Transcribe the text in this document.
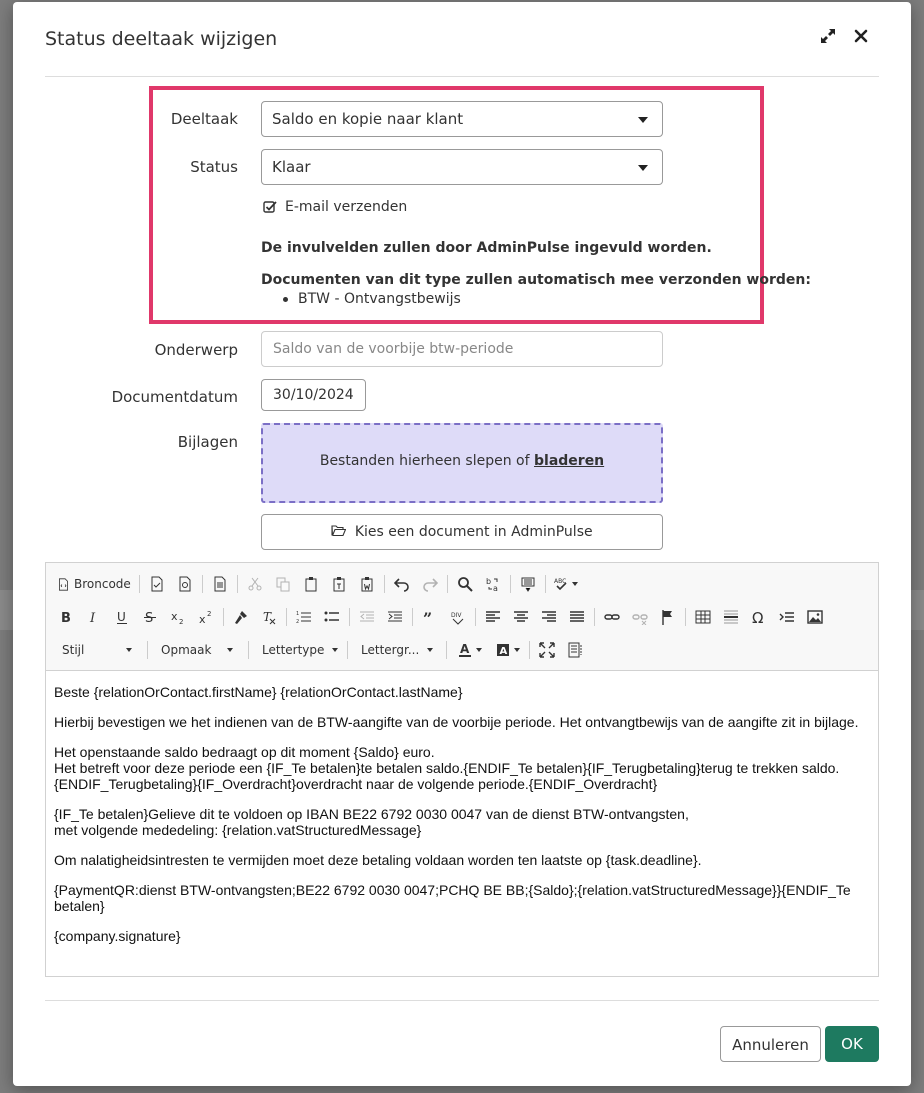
Status deeltaak wijzigen
Deeltaak	Saldo en kopie naar klant
Status	Klaar
E-mail verzenden
De invulvelden zullen door AdminPulse ingevuld worden.
Documenten van dit type zullen automatisch mee verzonden worden:
BTW - Ontvangstbewijs
Onderwerp	Saldo van de voorbije btw-periode
Documentdatum	30/10/2024
Bijlagen
Bestanden hierheen slepen of bladeren
Kies een document in AdminPulse
Broncode	b
a
ABC
B I U S x 2 x 2	T	1
2	”	DIV	Ω
Stijl	Opmaak	Lettertype	Lettergr...	A	A

Beste {relationOrContact.firstName} {relationOrContact.lastName}

Hierbij bevestigen we het indienen van de BTW-aangifte van de voorbije periode. Het ontvangtbewijs van de aangifte zit in bijlage.

Het openstaande saldo bedraagt op dit moment {Saldo} euro.
Het betreft voor deze periode een {IF_Te betalen}te betalen saldo.{ENDIF_Te betalen}{IF_Terugbetaling}terug te trekken saldo.
{ENDIF_Terugbetaling}{IF_Overdracht}overdracht naar de volgende periode.{ENDIF_Overdracht}

{IF_Te betalen}Gelieve dit te voldoen op IBAN BE22 6792 0030 0047 van de dienst BTW-ontvangsten,
met volgende mededeling: {relation.vatStructuredMessage}

Om nalatigheidsintresten te vermijden moet deze betaling voldaan worden ten laatste op {task.deadline}.

{PaymentQR:dienst BTW-ontvangsten;BE22 6792 0030 0047;PCHQ BE BB;{Saldo};{relation.vatStructuredMessage}}{ENDIF_Te
betalen}

{company.signature}

Annuleren	OK
